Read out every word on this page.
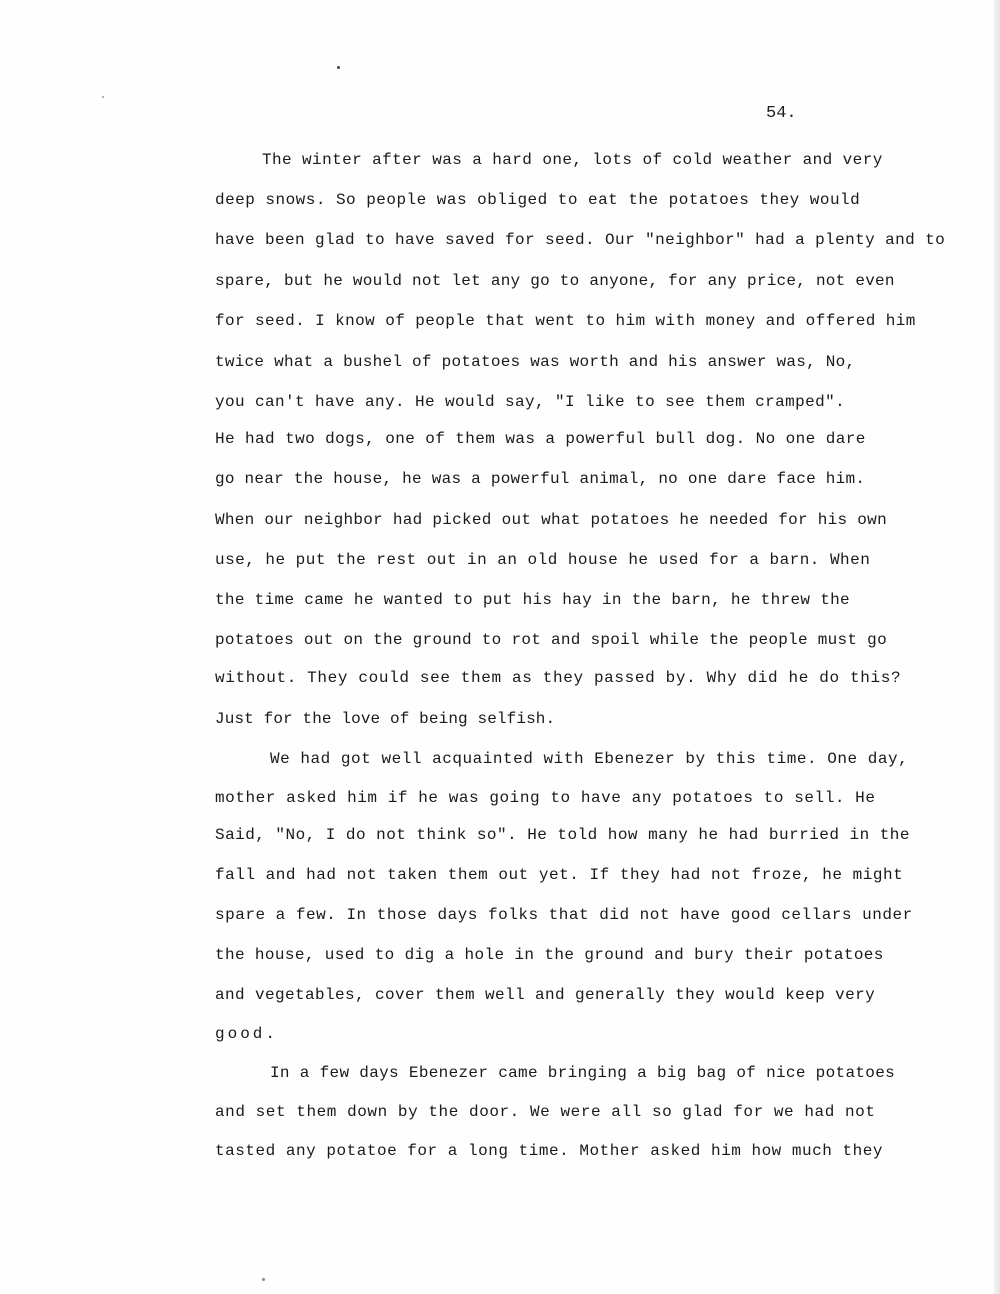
54.
The winter after was a hard one, lots of cold weather and very
deep snows. So people was obliged to eat the potatoes they would
have been glad to have saved for seed. Our "neighbor" had a plenty and to
spare, but he would not let any go to anyone, for any price, not even
for seed. I know of people that went to him with money and offered him
twice what a bushel of potatoes was worth and his answer was, No,
you can't have any. He would say, "I like to see them cramped".
He had two dogs, one of them was a powerful bull dog. No one dare
go near the house, he was a powerful animal, no one dare face him.
When our neighbor had picked out what potatoes he needed for his own
use, he put the rest out in an old house he used for a barn. When
the time came he wanted to put his hay in the barn, he threw the
potatoes out on the ground to rot and spoil while the people must go
without. They could see them as they passed by. Why did he do this?
Just for the love of being selfish.
We had got well acquainted with Ebenezer by this time. One day,
mother asked him if he was going to have any potatoes to sell. He
Said, "No, I do not think so". He told how many he had burried in the
fall and had not taken them out yet. If they had not froze, he might
spare a few. In those days folks that did not have good cellars under
the house, used to dig a hole in the ground and bury their potatoes
and vegetables, cover them well and generally they would keep very
good.
In a few days Ebenezer came bringing a big bag of nice potatoes
and set them down by the door. We were all so glad for we had not
tasted any potatoe for a long time. Mother asked him how much they
